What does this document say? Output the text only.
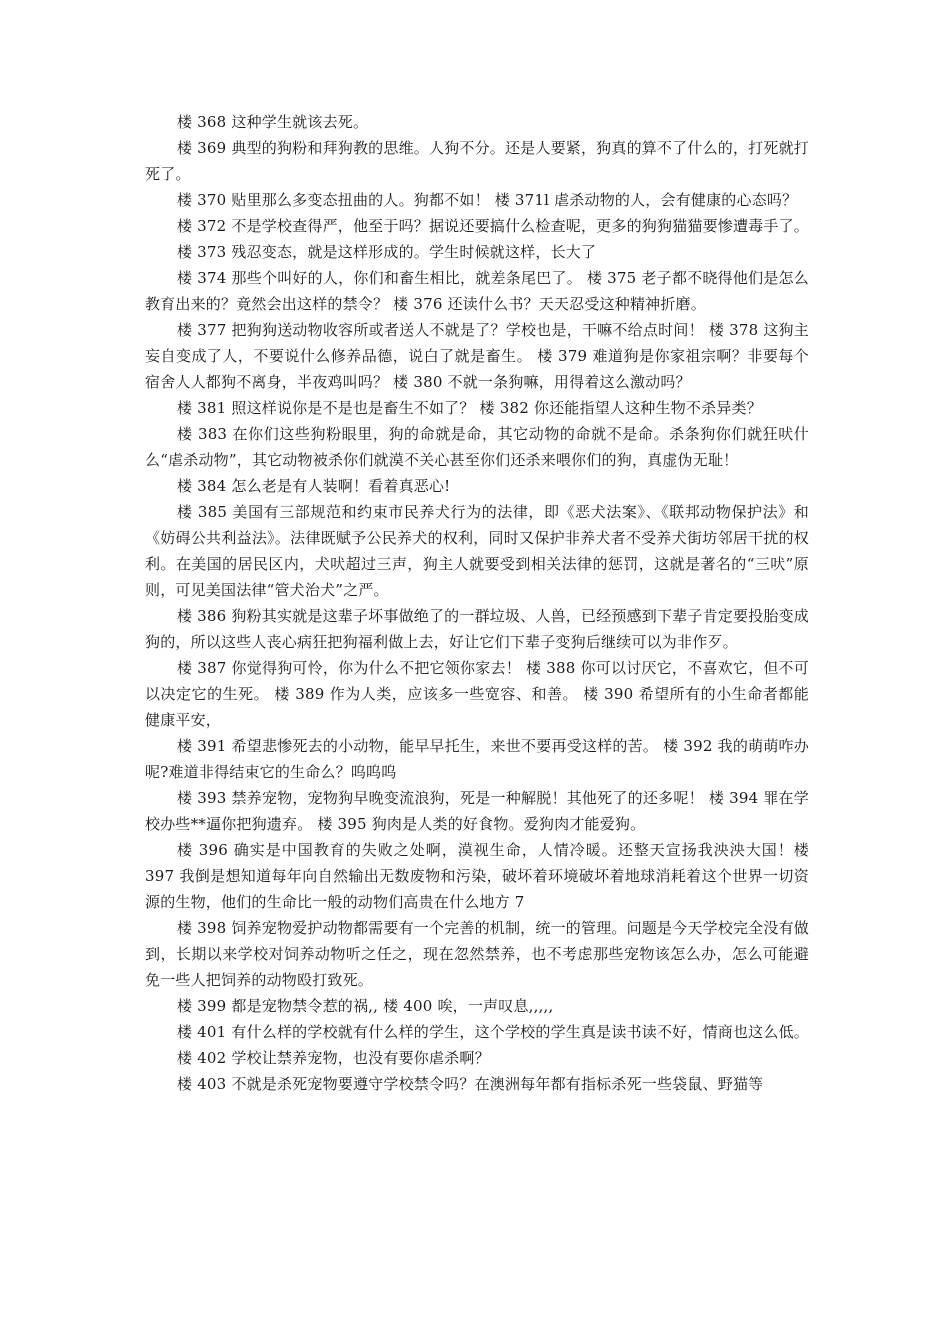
楼 368 这种学生就该去死。

楼 369 典型的狗粉和拜狗教的思维。人狗不分。还是人要紧，狗真的算不了什么的，打死就打死了。

楼 370 贴里那么多变态扭曲的人。狗都不如！ 楼 371l 虐杀动物的人，会有健康的心态吗？

楼 372 不是学校查得严，他至于吗？据说还要搞什么检查呢，更多的狗狗猫猫要惨遭毒手了。

楼 373 残忍变态，就是这样形成的。学生时候就这样，长大了

楼 374 那些个叫好的人，你们和畜生相比，就差条尾巴了。 楼 375 老子都不晓得他们是怎么教育出来的？竟然会出这样的禁令？ 楼 376 还读什么书？天天忍受这种精神折磨。

楼 377 把狗狗送动物收容所或者送人不就是了？学校也是，干嘛不给点时间！ 楼 378 这狗主妄自变成了人，不要说什么修养品德，说白了就是畜生。 楼 379 难道狗是你家祖宗啊？非要每个宿舍人人都狗不离身，半夜鸡叫吗？ 楼 380 不就一条狗嘛，用得着这么激动吗？

楼 381 照这样说你是不是也是畜生不如了？ 楼 382 你还能指望人这种生物不杀异类？

楼 383 在你们这些狗粉眼里，狗的命就是命，其它动物的命就不是命。杀条狗你们就狂吠什么“虐杀动物”，其它动物被杀你们就漠不关心甚至你们还杀来喂你们的狗，真虚伪无耻！

楼 384 怎么老是有人装啊！看着真恶心!

楼 385 美国有三部规范和约束市民养犬行为的法律，即《恶犬法案》、《联邦动物保护法》和《妨碍公共利益法》。法律既赋予公民养犬的权利，同时又保护非养犬者不受养犬街坊邻居干扰的权利。在美国的居民区内，犬吠超过三声，狗主人就要受到相关法律的惩罚，这就是著名的“三吠”原则，可见美国法律“管犬治犬”之严。

楼 386 狗粉其实就是这辈子坏事做绝了的一群垃圾、人兽，已经预感到下辈子肯定要投胎变成狗的，所以这些人丧心病狂把狗福利做上去，好让它们下辈子变狗后继续可以为非作歹。

楼 387 你觉得狗可怜，你为什么不把它领你家去！ 楼 388 你可以讨厌它，不喜欢它，但不可以决定它的生死。 楼 389 作为人类，应该多一些宽容、和善。 楼 390 希望所有的小生命者都能健康平安，

楼 391 希望悲惨死去的小动物，能早早托生，来世不要再受这样的苦。 楼 392 我的萌萌咋办呢?难道非得结束它的生命么？呜呜呜

楼 393 禁养宠物，宠物狗早晚变流浪狗，死是一种解脱！其他死了的还多呢！ 楼 394 罪在学校办些**逼你把狗遗弃。 楼 395 狗肉是人类的好食物。爱狗肉才能爱狗。

楼 396 确实是中国教育的失败之处啊，漠视生命，人情冷暖。还整天宣扬我泱泱大国！楼 397 我倒是想知道每年向自然输出无数废物和污染，破坏着环境破坏着地球消耗着这个世界一切资源的生物，他们的生命比一般的动物们高贵在什么地方 7

楼 398 饲养宠物爱护动物都需要有一个完善的机制，统一的管理。问题是今天学校完全没有做到，长期以来学校对饲养动物听之任之，现在忽然禁养，也不考虑那些宠物该怎么办，怎么可能避免一些人把饲养的动物殴打致死。

楼 399 都是宠物禁令惹的祸,, 楼 400 唉，一声叹息,,,,,

楼 401 有什么样的学校就有什么样的学生，这个学校的学生真是读书读不好，情商也这么低。

楼 402 学校让禁养宠物，也没有要你虐杀啊？

楼 403 不就是杀死宠物要遵守学校禁令吗？在澳洲每年都有指标杀死一些袋鼠、野猫等
